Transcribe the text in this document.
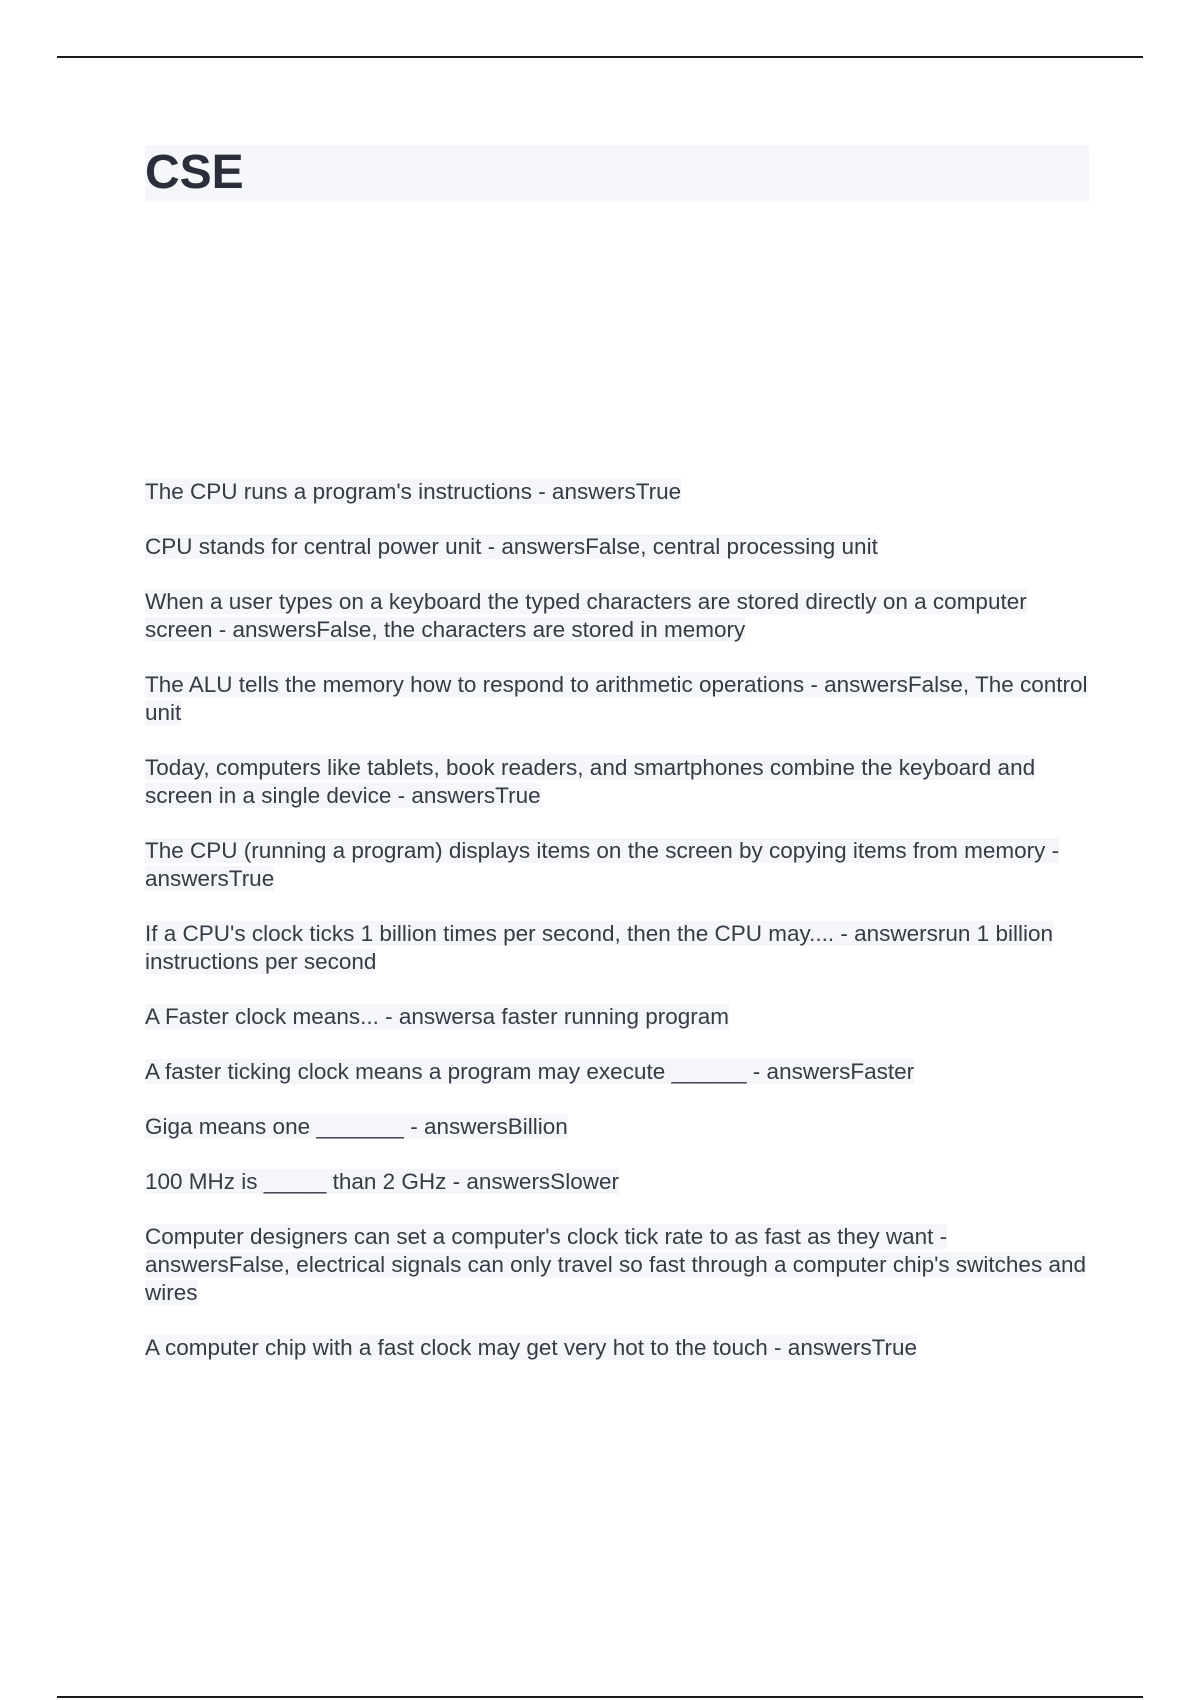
CSE
The CPU runs a program's instructions - answersTrue
CPU stands for central power unit - answersFalse, central processing unit
When a user types on a keyboard the typed characters are stored directly on a computer screen - answersFalse, the characters are stored in memory
The ALU tells the memory how to respond to arithmetic operations - answersFalse, The control unit
Today, computers like tablets, book readers, and smartphones combine the keyboard and screen in a single device - answersTrue
The CPU (running a program) displays items on the screen by copying items from memory - answersTrue
If a CPU's clock ticks 1 billion times per second, then the CPU may.... - answersrun 1 billion instructions per second
A Faster clock means... - answersa faster running program
A faster ticking clock means a program may execute ______ - answersFaster
Giga means one _______ - answersBillion
100 MHz is _____ than 2 GHz - answersSlower
Computer designers can set a computer's clock tick rate to as fast as they want - answersFalse, electrical signals can only travel so fast through a computer chip's switches and wires
A computer chip with a fast clock may get very hot to the touch - answersTrue
